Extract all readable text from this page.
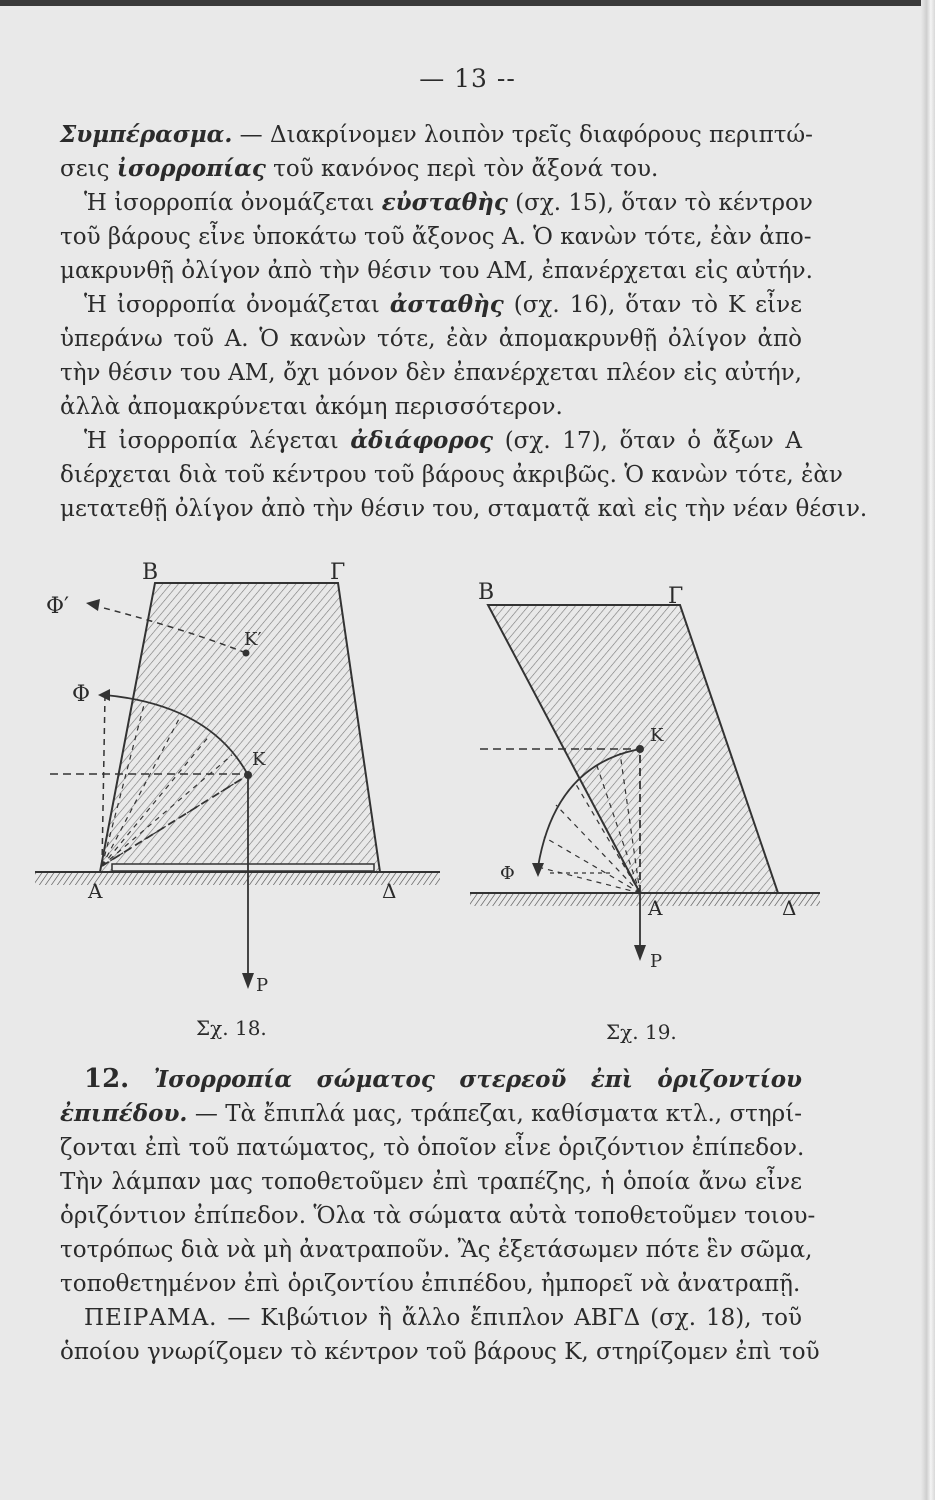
— 13 --
Συμπέρασμα. — Διακρίνομεν λοιπὸν τρεῖς διαφόρους περιπτώ-
σεις ἰσορροπίας τοῦ κανόνος περὶ τὸν ἄξονά του.
Ἡ ἰσορροπία ὀνομάζεται εὐσταθὴς (σχ. 15), ὅταν τὸ κέντρον
τοῦ βάρους εἶνε ὑποκάτω τοῦ ἄξονος Α. Ὁ κανὼν τότε, ἐὰν ἀπο-
μακρυνθῇ ὀλίγον ἀπὸ τὴν θέσιν του ΑΜ, ἐπανέρχεται εἰς αὐτήν.
Ἡ ἰσορροπία ὀνομάζεται ἀσταθὴς (σχ. 16), ὅταν τὸ Κ εἶνε
ὑπεράνω τοῦ Α. Ὁ κανὼν τότε, ἐὰν ἀπομακρυνθῇ ὀλίγον ἀπὸ
τὴν θέσιν του ΑΜ, ὄχι μόνον δὲν ἐπανέρχεται πλέον εἰς αὐτήν,
ἀλλὰ ἀπομακρύνεται ἀκόμη περισσότερον.
Ἡ ἰσορροπία λέγεται ἀδιάφορος (σχ. 17), ὅταν ὁ ἄξων Α
διέρχεται διὰ τοῦ κέντρου τοῦ βάρους ἀκριβῶς. Ὁ κανὼν τότε, ἐὰν
μετατεθῇ ὀλίγον ἀπὸ τὴν θέσιν του, σταματᾷ καὶ εἰς τὴν νέαν θέσιν.
Β	Γ
Α	Δ
Κ
Κ′
Φ
Φ′
P
Σχ. 18.
Β	Γ
Κ
Φ
Α	Δ
P
Σχ. 19.
12. Ἰσορροπία σώματος στερεοῦ ἐπὶ ὁριζοντίου
ἐπιπέδου. — Τὰ ἔπιπλά μας, τράπεζαι, καθίσματα κτλ., στηρί-
ζονται ἐπὶ τοῦ πατώματος, τὸ ὁποῖον εἶνε ὁριζόντιον ἐπίπεδον.
Τὴν λάμπαν μας τοποθετοῦμεν ἐπὶ τραπέζης, ἡ ὁποία ἄνω εἶνε
ὁριζόντιον ἐπίπεδον. Ὅλα τὰ σώματα αὐτὰ τοποθετοῦμεν τοιου-
τοτρόπως διὰ νὰ μὴ ἀνατραποῦν. Ἂς ἐξετάσωμεν πότε ἓν σῶμα,
τοποθετημένον ἐπὶ ὁριζοντίου ἐπιπέδου, ἠμπορεῖ νὰ ἀνατραπῇ.
ΠΕΙΡΑΜΑ. — Κιβώτιον ἢ ἄλλο ἔπιπλον ΑΒΓΔ (σχ. 18), τοῦ
ὁποίου γνωρίζομεν τὸ κέντρον τοῦ βάρους Κ, στηρίζομεν ἐπὶ τοῦ
